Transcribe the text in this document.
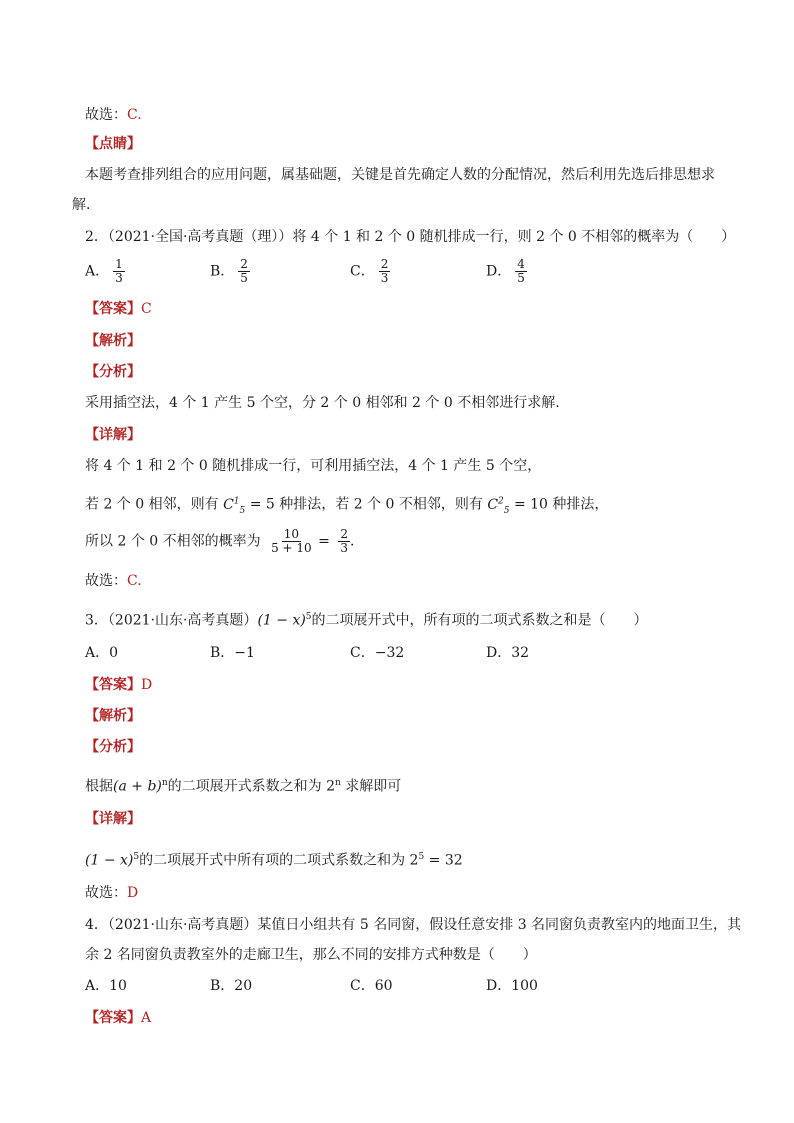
故选：C.
【点睛】
本题考查排列组合的应用问题，属基础题，关键是首先确定人数的分配情况，然后利用先选后排思想求
解.
2．（2021·全国·高考真题（理））将 4 个 1 和 2 个 0 随机排成一行，则 2 个 0 不相邻的概率为（　　）
A． $\frac{1}{3}$	B． $\frac{2}{5}$	C． $\frac{2}{3}$	D． $\frac{4}{5}$
【答案】C
【解析】
【分析】
采用插空法，4 个 1 产生 5 个空，分 2 个 0 相邻和 2 个 0 不相邻进行求解.
【详解】
将 4 个 1 和 2 个 0 随机排成一行，可利用插空法，4 个 1 产生 5 个空，
若 2 个 0 相邻，则有 $C^1_5 = 5$ 种排法，若 2 个 0 不相邻，则有 $C^2_5 = 10$ 种排法，
所以 2 个 0 不相邻的概率为 $\frac{10}{5 + 10} = \frac{2}{3}$ .
故选：C.
3．（2021·山东·高考真题）$(1 - x)^5$的二项展开式中，所有项的二项式系数之和是（　　）
A．0	B．−1	C．−32	D．32
【答案】D
【解析】
【分析】
根据$(a + b)^n$的二项展开式系数之和为 2$^n$ 求解即可
【详解】
$(1 - x)^5$的二项展开式中所有项的二项式系数之和为 $2^5 = 32$
故选：D
4．（2021·山东·高考真题）某值日小组共有 5 名同窗，假设任意安排 3 名同窗负责教室内的地面卫生，其
余 2 名同窗负责教室外的走廊卫生，那么不同的安排方式种数是（　　）
A．10	B．20	C．60	D．100
【答案】A
